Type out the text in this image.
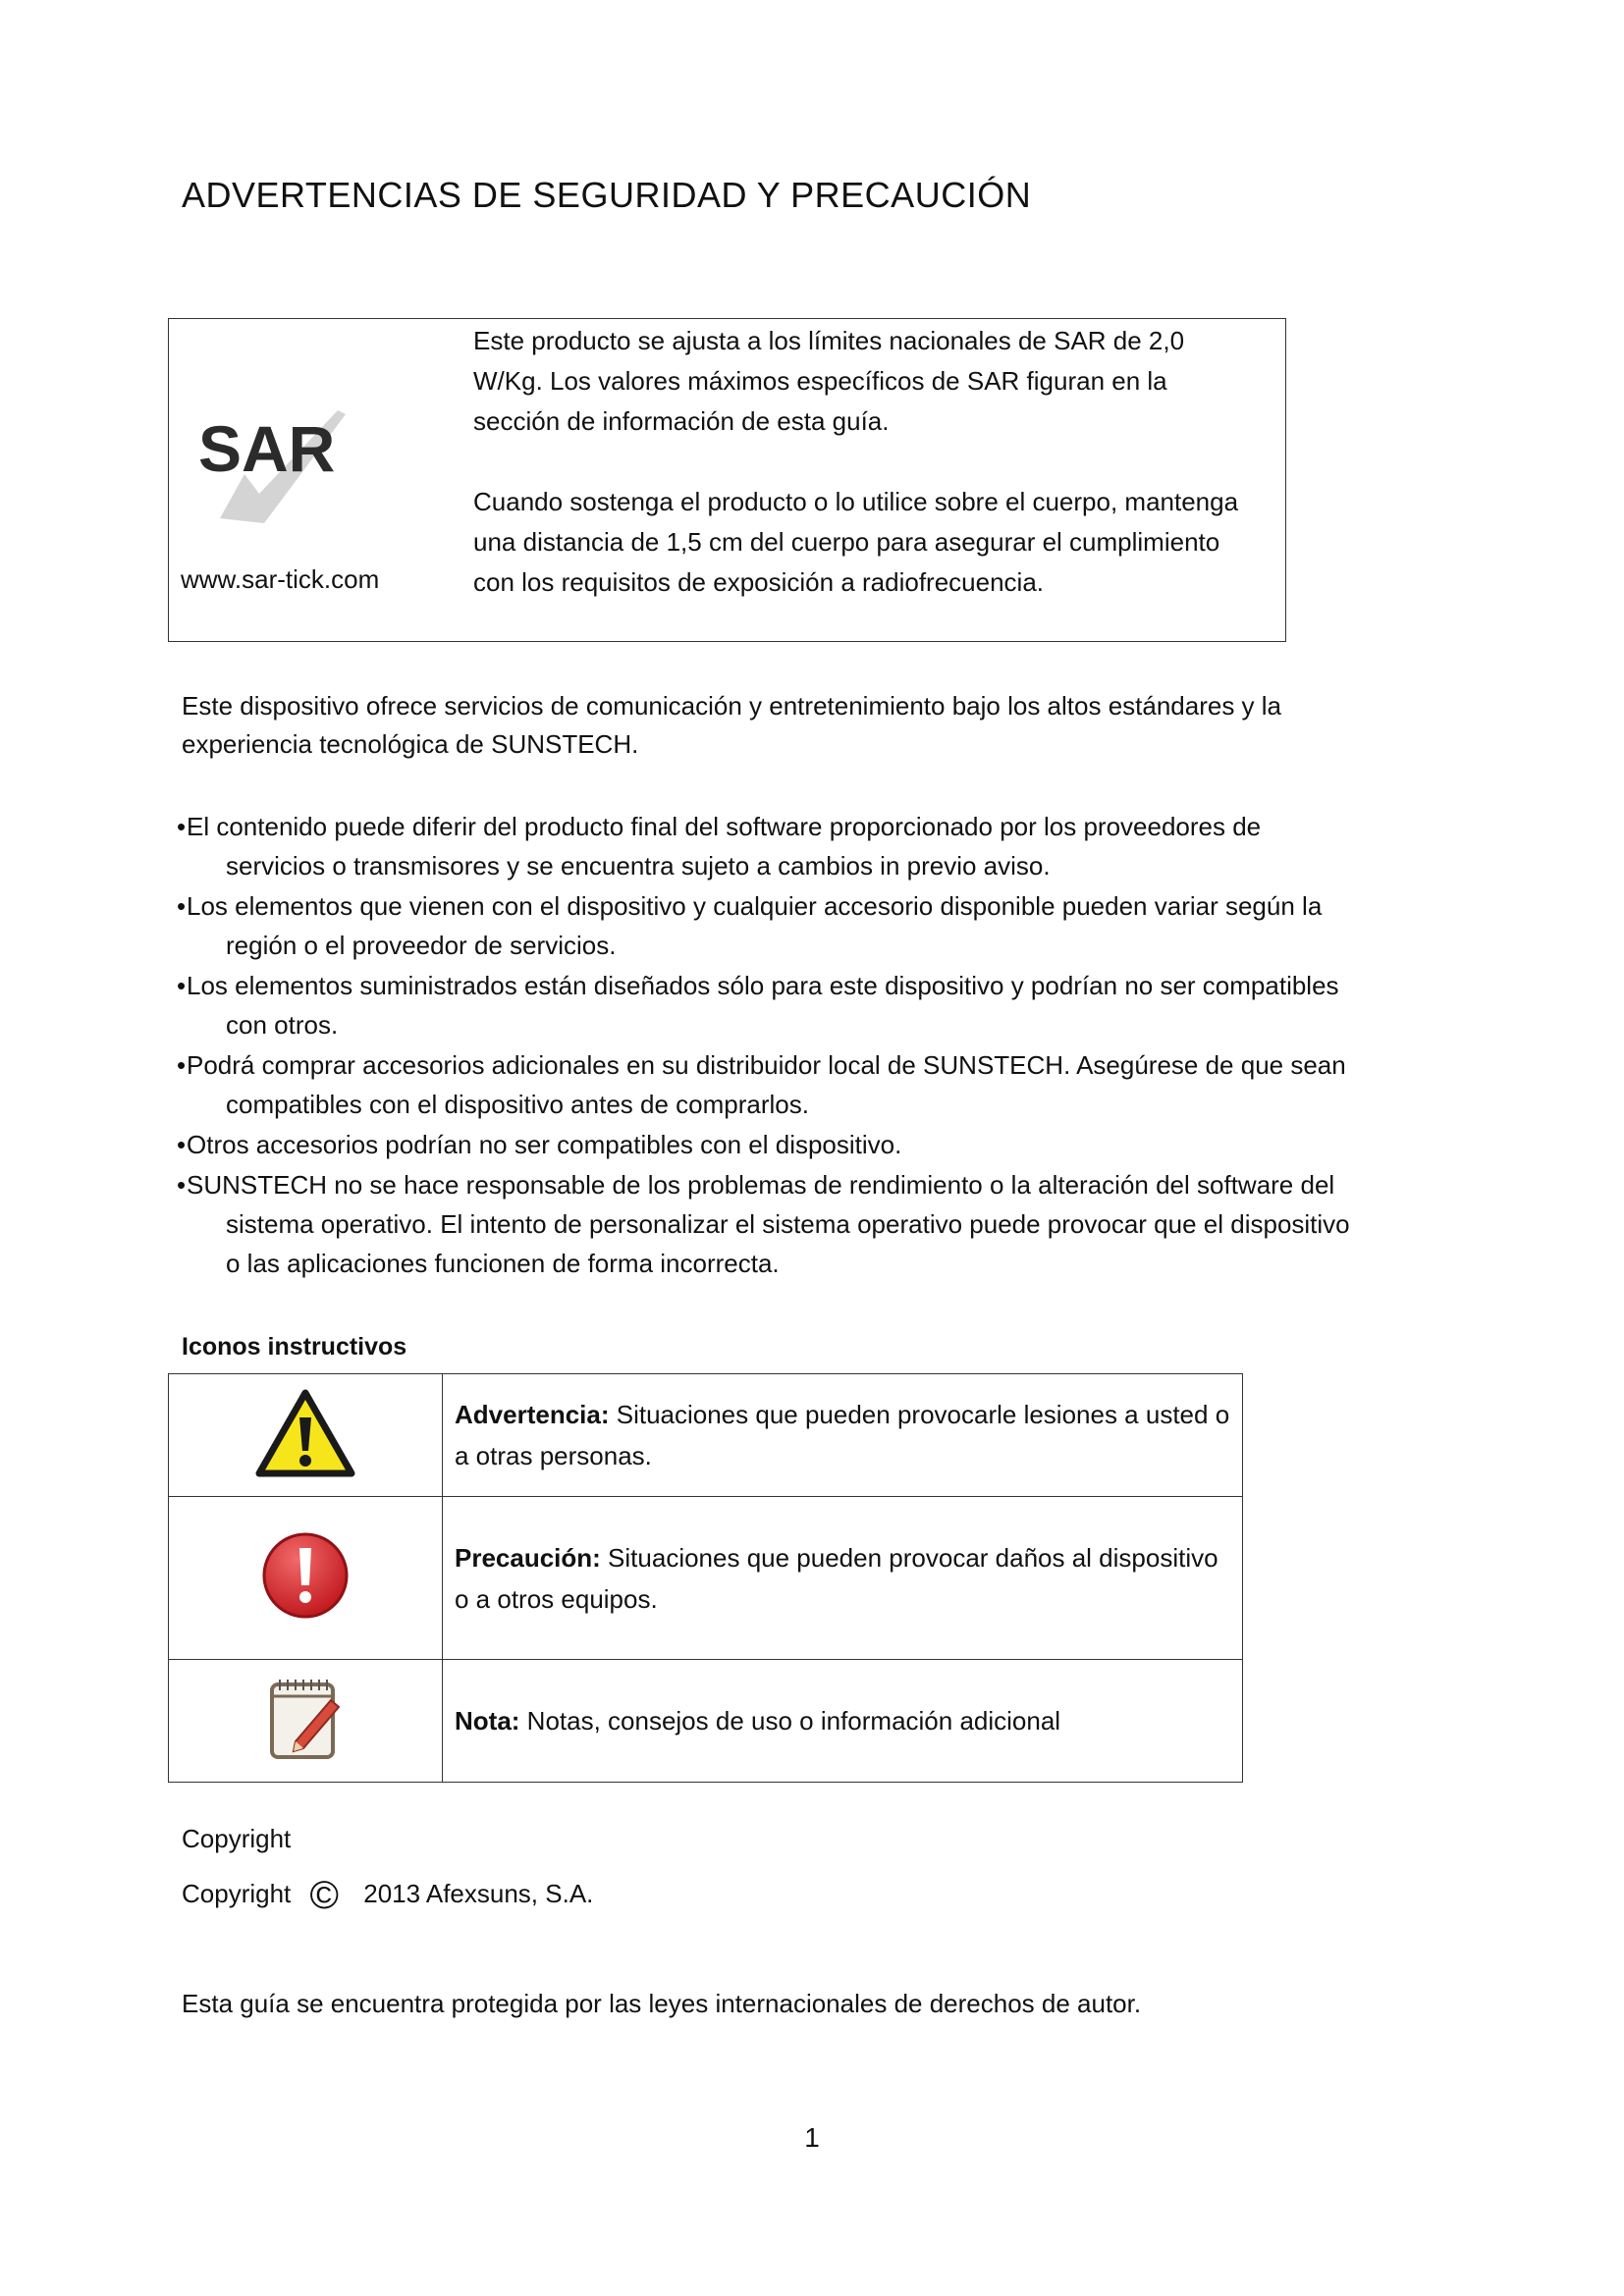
ADVERTENCIAS DE SEGURIDAD Y PRECAUCIÓN
SAR
www.sar-tick.com

Este producto se ajusta a los límites nacionales de SAR de 2,0 W/Kg. Los valores máximos específicos de SAR figuran en la sección de información de esta guía.

Cuando sostenga el producto o lo utilice sobre el cuerpo, mantenga una distancia de 1,5 cm del cuerpo para asegurar el cumplimiento con los requisitos de exposición a radiofrecuencia.

Este dispositivo ofrece servicios de comunicación y entretenimiento bajo los altos estándares y la experiencia tecnológica de SUNSTECH.
• El contenido puede diferir del producto final del software proporcionado por los proveedores de servicios o transmisores y se encuentra sujeto a cambios in previo aviso.
• Los elementos que vienen con el dispositivo y cualquier accesorio disponible pueden variar según la región o el proveedor de servicios.
• Los elementos suministrados están diseñados sólo para este dispositivo y podrían no ser compatibles con otros.
• Podrá comprar accesorios adicionales en su distribuidor local de SUNSTECH. Asegúrese de que sean compatibles con el dispositivo antes de comprarlos.
• Otros accesorios podrían no ser compatibles con el dispositivo.
• SUNSTECH no se hace responsable de los problemas de rendimiento o la alteración del software del sistema operativo. El intento de personalizar el sistema operativo puede provocar que el dispositivo o las aplicaciones funcionen de forma incorrecta.
Iconos instructivos
	Advertencia: Situaciones que pueden provocarle lesiones a usted o a otras personas.
	Precaución: Situaciones que pueden provocar daños al dispositivo o a otros equipos.
	Nota: Notas, consejos de uso o información adicional
Copyright
Copyright © 2013 Afexsuns, S.A.
Esta guía se encuentra protegida por las leyes internacionales de derechos de autor.
1
